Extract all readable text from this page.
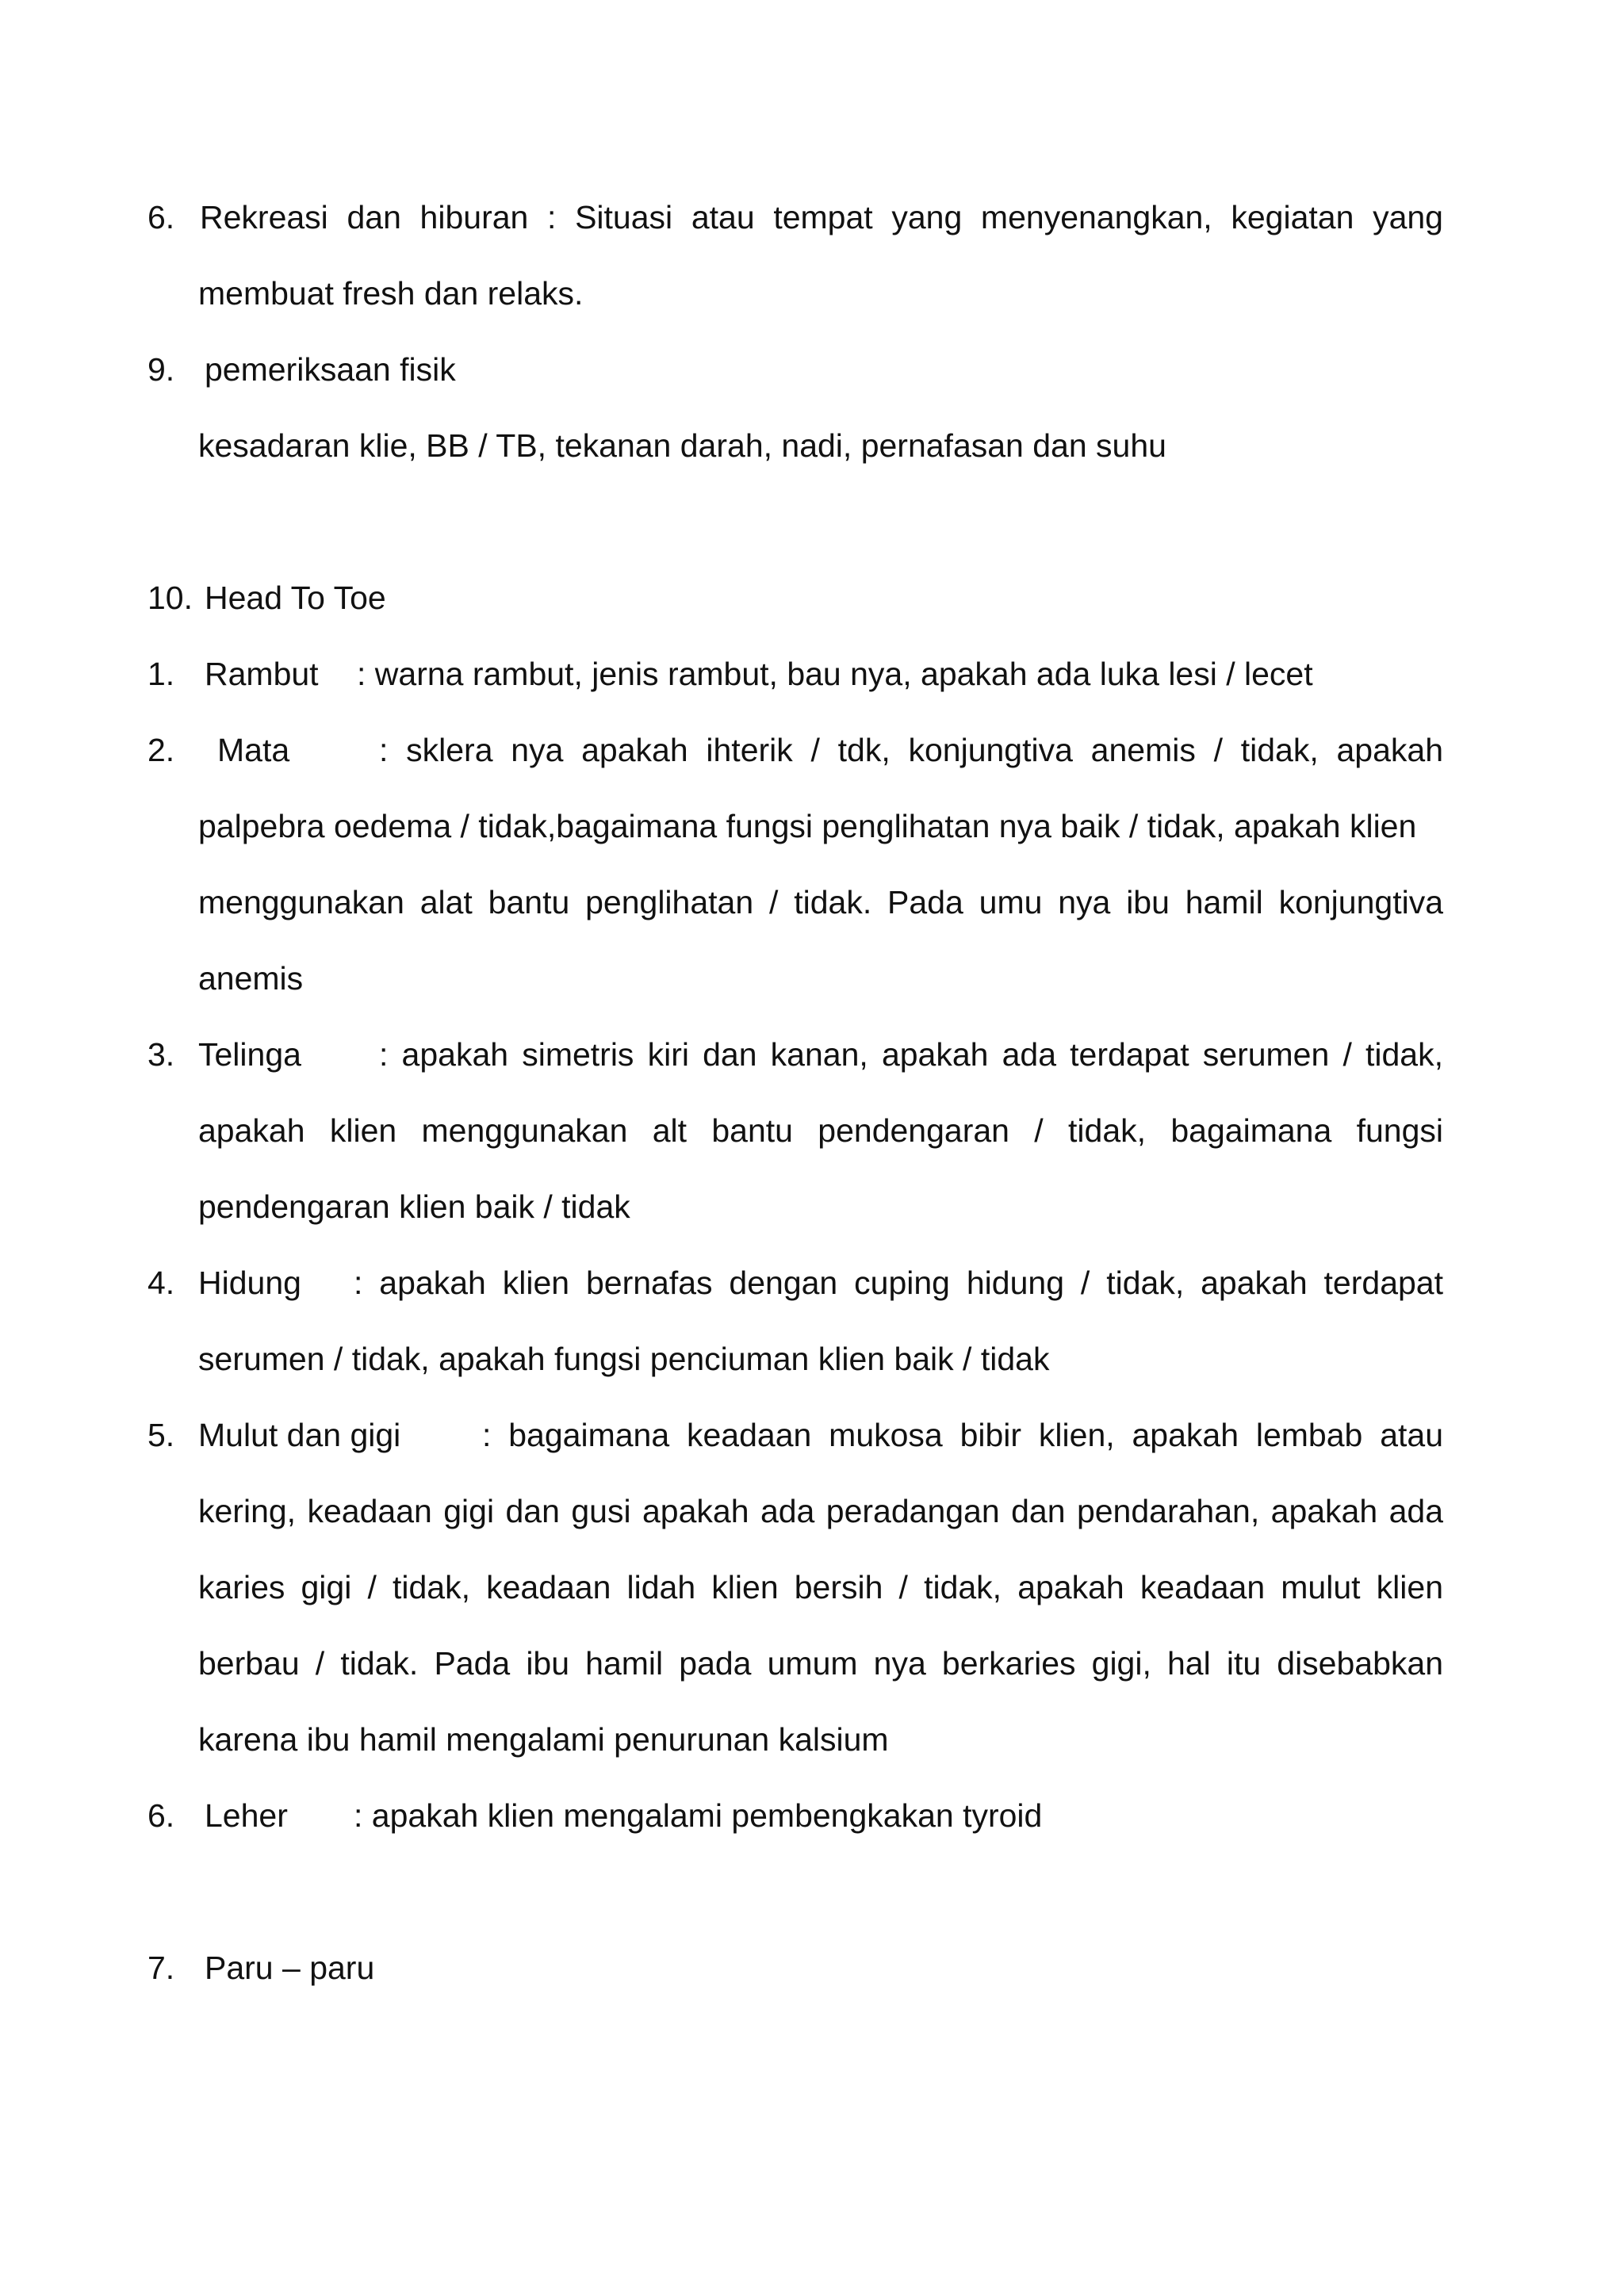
6. Rekreasi dan hiburan : Situasi atau tempat yang menyenangkan, kegiatan yang
membuat fresh dan relaks.
9. pemeriksaan fisik
kesadaran klie, BB / TB, tekanan darah, nadi, pernafasan dan suhu
10. Head To Toe
1. Rambut : warna rambut, jenis rambut, bau nya, apakah ada luka lesi / lecet
2. Mata	: sklera nya apakah ihterik / tdk, konjungtiva anemis / tidak, apakah
palpebra oedema / tidak,bagaimana fungsi penglihatan nya baik / tidak, apakah klien
menggunakan alat bantu penglihatan / tidak. Pada umu nya ibu hamil konjungtiva
anemis
3. Telinga : apakah simetris kiri dan kanan, apakah ada terdapat serumen / tidak,
apakah klien menggunakan alt bantu pendengaran / tidak, bagaimana fungsi
pendengaran klien baik / tidak
4. Hidung : apakah klien bernafas dengan cuping hidung / tidak, apakah terdapat
serumen / tidak, apakah fungsi penciuman klien baik / tidak
5. Mulut dan gigi	: bagaimana keadaan mukosa bibir klien, apakah lembab atau
kering, keadaan gigi dan gusi apakah ada peradangan dan pendarahan, apakah ada
karies gigi / tidak, keadaan lidah klien bersih / tidak, apakah keadaan mulut klien
berbau / tidak. Pada ibu hamil pada umum nya berkaries gigi, hal itu disebabkan
karena ibu hamil mengalami penurunan kalsium
6. Leher : apakah klien mengalami pembengkakan tyroid
7. Paru – paru
